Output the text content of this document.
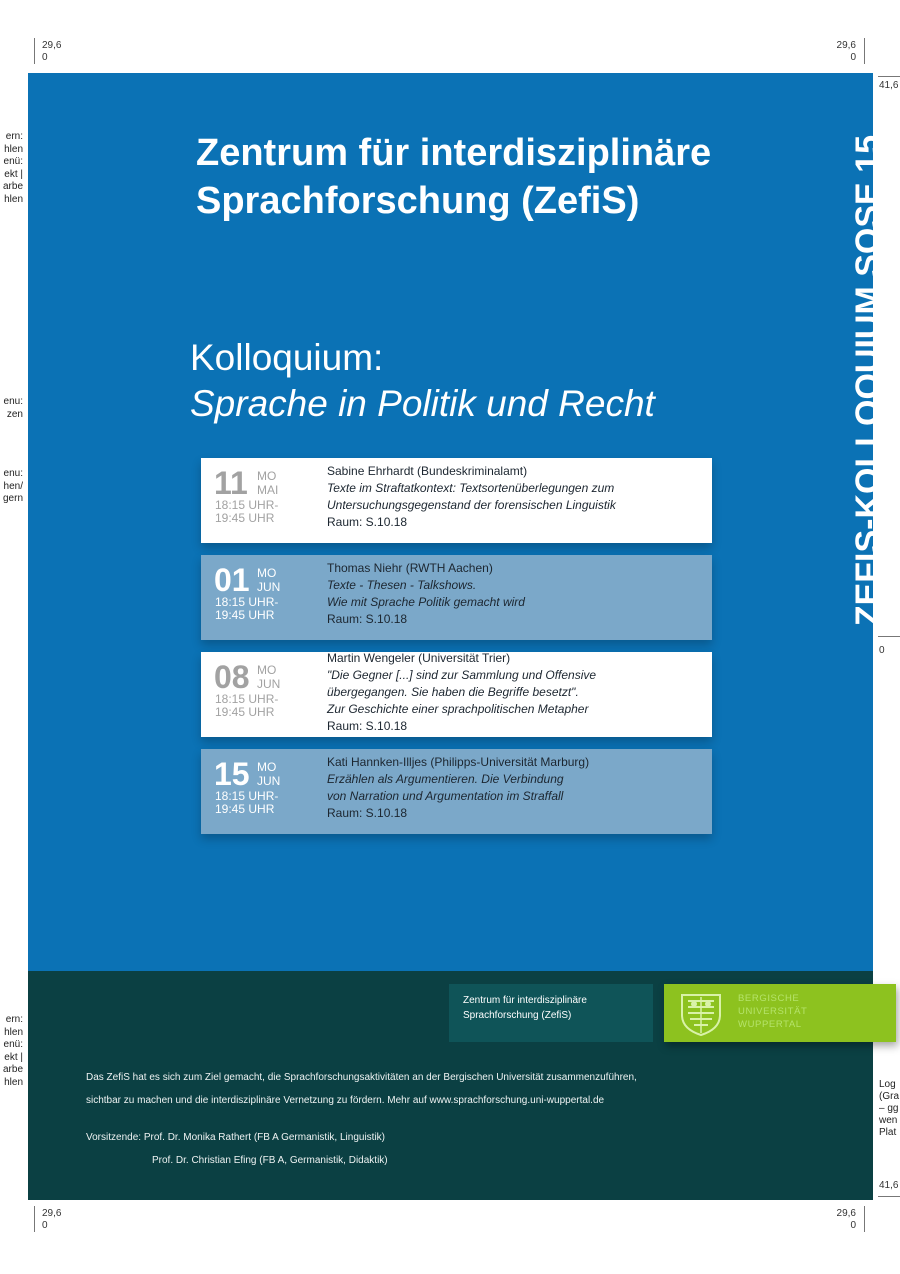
29,6
0
29,6
0
29,6
0
29,6
0
41,6
0
41,6
ern:
hlen
enü:
ekt |
arbe
hlen
enu:
zen
enu:
hen/
gern
ern:
hlen
enü:
ekt |
arbe
hlen	Log
(Gra
– gg
wen
Plat
Zentrum für interdisziplinäre
Sprachforschung (ZefiS)	ZEFIS-KOLLOQUIUM SOSE 15
Kolloquium:
Sprache in Politik und Recht
11 MO
MAI
18:15 UHR-
19:45 UHR
Sabine Ehrhardt (Bundeskriminalamt)
Texte im Straftatkontext: Textsortenüberlegungen zum
Untersuchungsgegenstand der forensischen Linguistik
Raum: S.10.18
01 MO
JUN
18:15 UHR-
19:45 UHR
Thomas Niehr (RWTH Aachen)
Texte - Thesen - Talkshows.
Wie mit Sprache Politik gemacht wird
Raum: S.10.18
08 MO
JUN
18:15 UHR-
19:45 UHR
Martin Wengeler (Universität Trier)
"Die Gegner [...] sind zur Sammlung und Offensive
übergegangen. Sie haben die Begriffe besetzt".
Zur Geschichte einer sprachpolitischen Metapher
Raum: S.10.18
15 MO
JUN
18:15 UHR-
19:45 UHR
Kati Hannken-Illjes (Philipps-Universität Marburg)
Erzählen als Argumentieren. Die Verbindung
von Narration und Argumentation im Straffall
Raum: S.10.18
Zentrum für interdisziplinäre
Sprachforschung (ZefiS)
BERGISCHE
UNIVERSITÄT
WUPPERTAL
Das ZefiS hat es sich zum Ziel gemacht, die Sprachforschungsaktivitäten an der Bergischen Universität zusammenzuführen,
sichtbar zu machen und die interdisziplinäre Vernetzung zu fördern. Mehr auf www.sprachforschung.uni-wuppertal.de
Vorsitzende: Prof. Dr. Monika Rathert (FB A Germanistik, Linguistik)
Prof. Dr. Christian Efing (FB A, Germanistik, Didaktik)
